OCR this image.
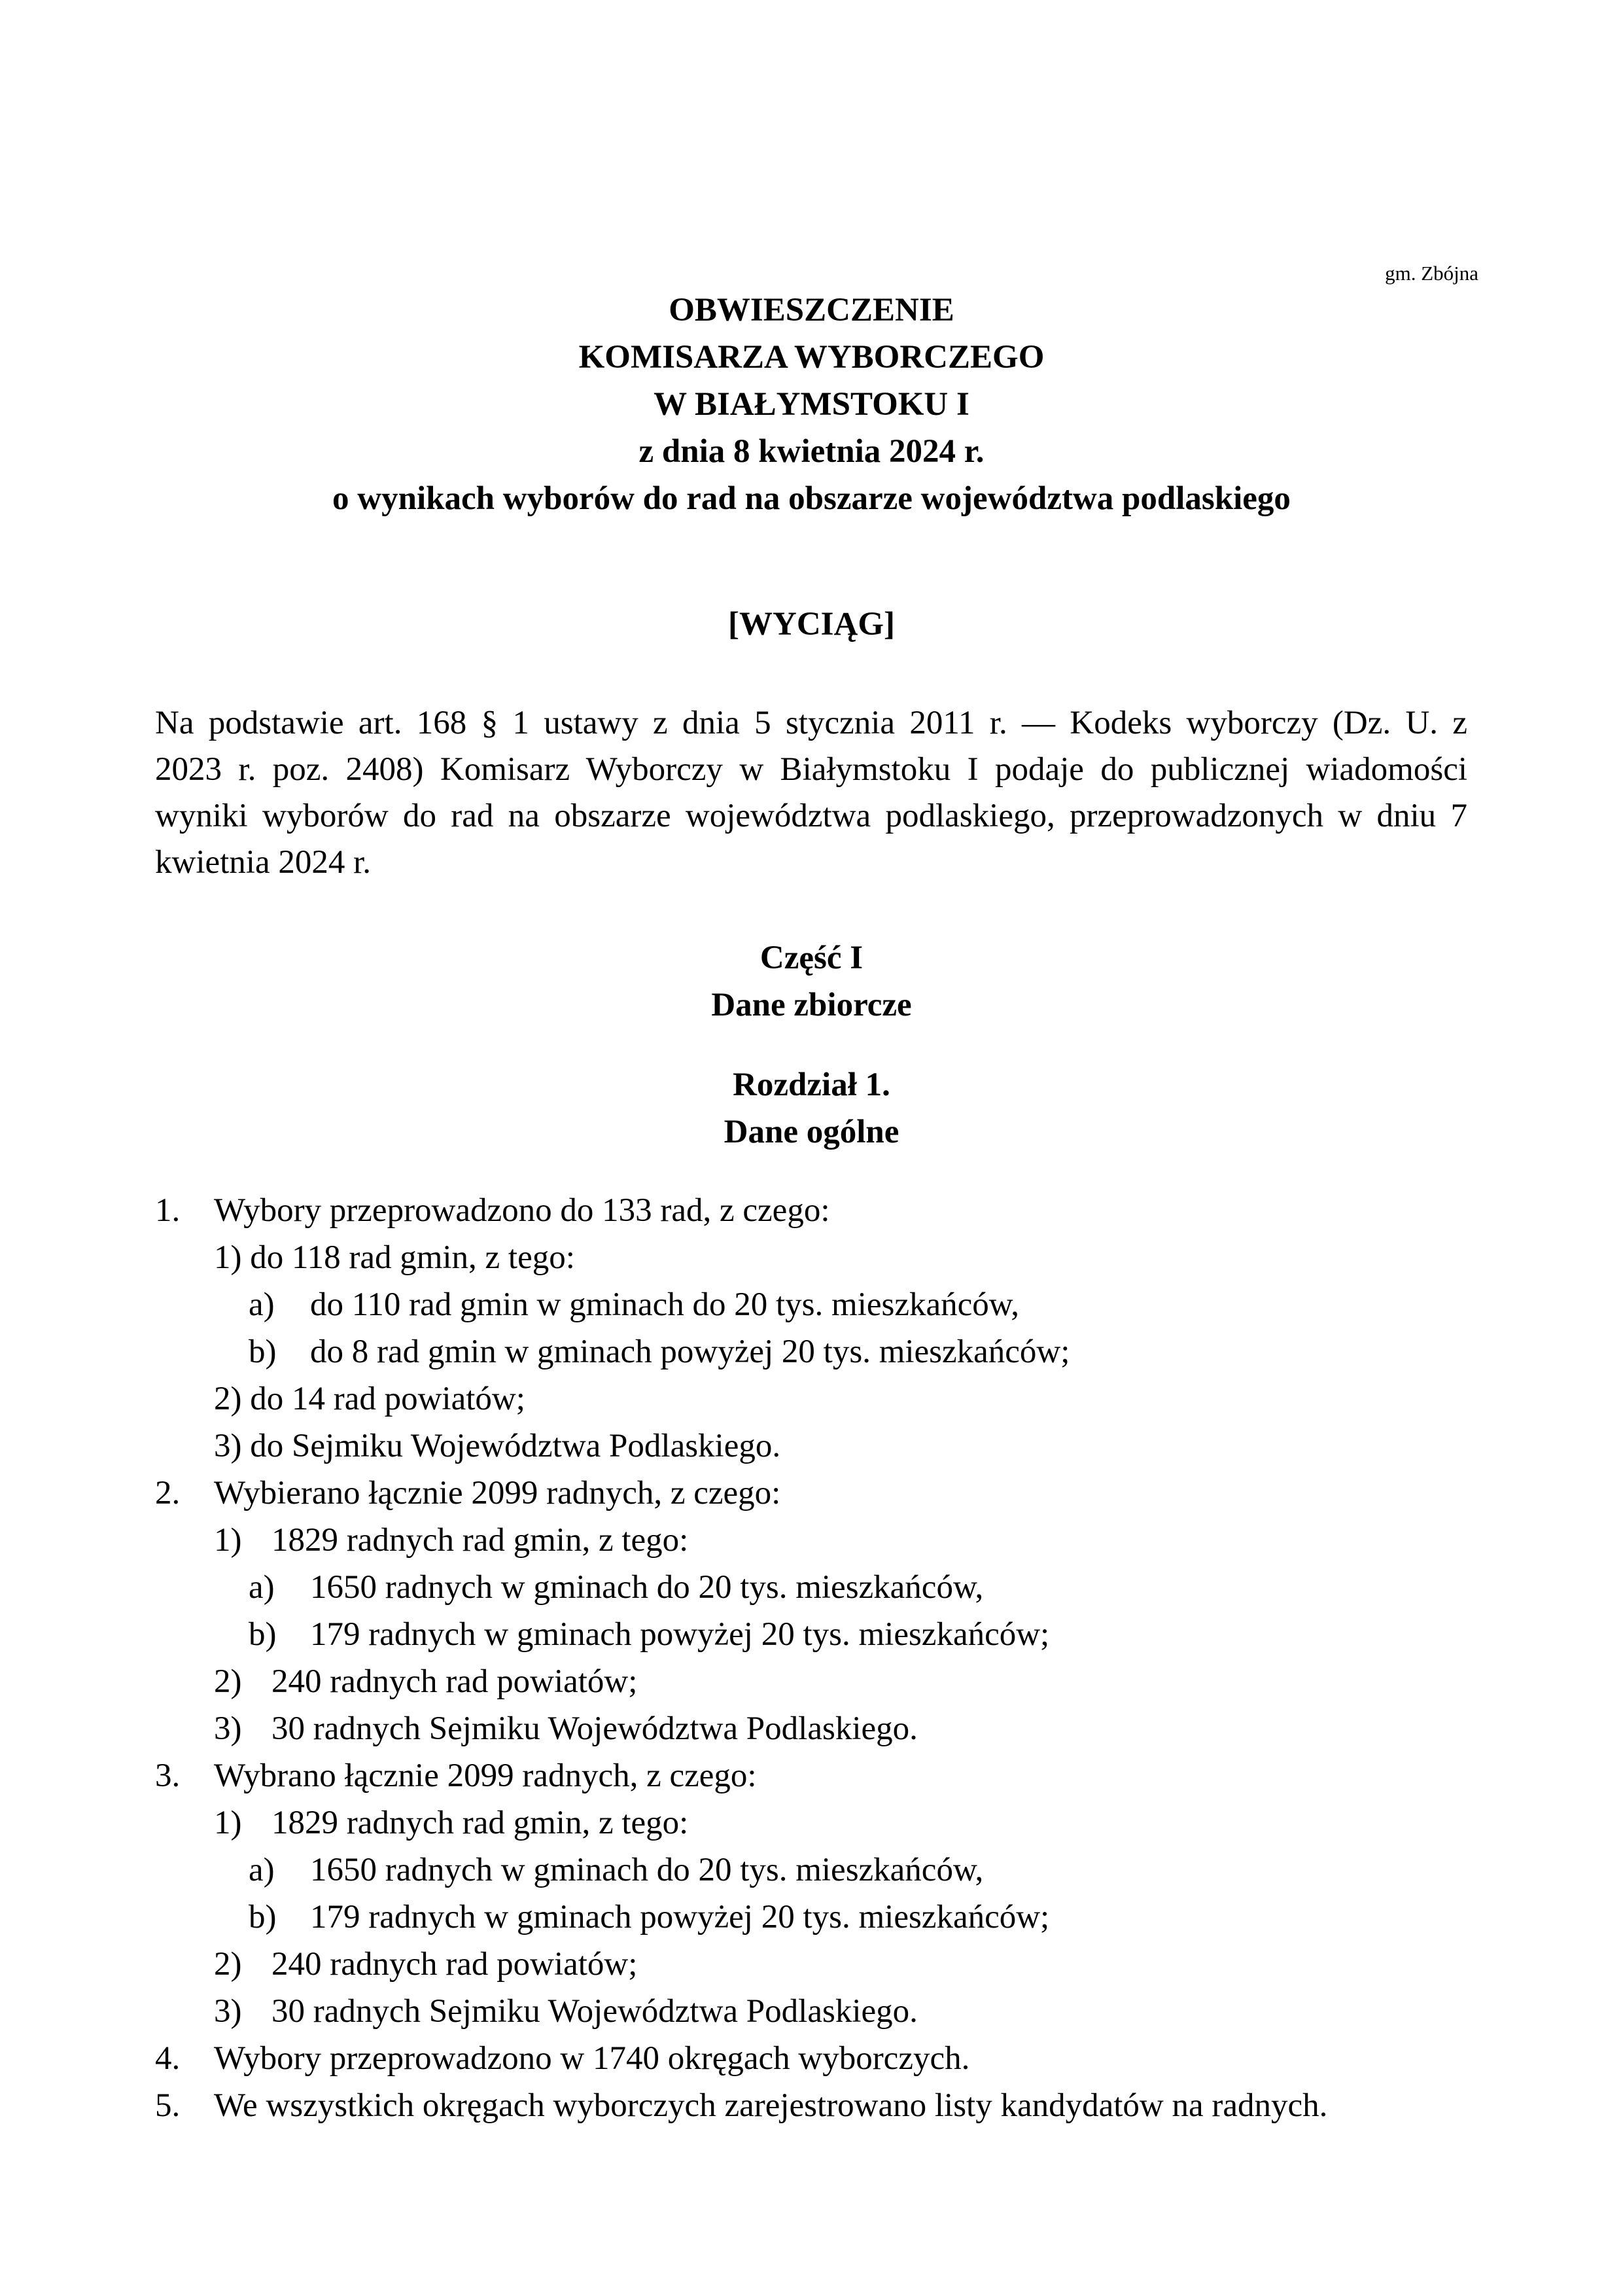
gm. Zbójna
OBWIESZCZENIE
KOMISARZA WYBORCZEGO
W BIAŁYMSTOKU I
z dnia 8 kwietnia 2024 r.
o wynikach wyborów do rad na obszarze województwa podlaskiego
[WYCIĄG]
Na podstawie art. 168 § 1 ustawy z dnia 5 stycznia 2011 r. — Kodeks wyborczy (Dz. U. z
2023 r. poz. 2408) Komisarz Wyborczy w Białymstoku I podaje do publicznej wiadomości
wyniki wyborów do rad na obszarze województwa podlaskiego, przeprowadzonych w dniu 7
kwietnia 2024 r.
Część I
Dane zbiorcze
Rozdział 1.
Dane ogólne
1. Wybory przeprowadzono do 133 rad, z czego:
1) do 118 rad gmin, z tego:
a) do 110 rad gmin w gminach do 20 tys. mieszkańców,
b) do 8 rad gmin w gminach powyżej 20 tys. mieszkańców;
2) do 14 rad powiatów;
3) do Sejmiku Województwa Podlaskiego.
2. Wybierano łącznie 2099 radnych, z czego:
1) 1829 radnych rad gmin, z tego:
a) 1650 radnych w gminach do 20 tys. mieszkańców,
b) 179 radnych w gminach powyżej 20 tys. mieszkańców;
2) 240 radnych rad powiatów;
3) 30 radnych Sejmiku Województwa Podlaskiego.
3. Wybrano łącznie 2099 radnych, z czego:
1) 1829 radnych rad gmin, z tego:
a) 1650 radnych w gminach do 20 tys. mieszkańców,
b) 179 radnych w gminach powyżej 20 tys. mieszkańców;
2) 240 radnych rad powiatów;
3) 30 radnych Sejmiku Województwa Podlaskiego.
4. Wybory przeprowadzono w 1740 okręgach wyborczych.
5. We wszystkich okręgach wyborczych zarejestrowano listy kandydatów na radnych.
